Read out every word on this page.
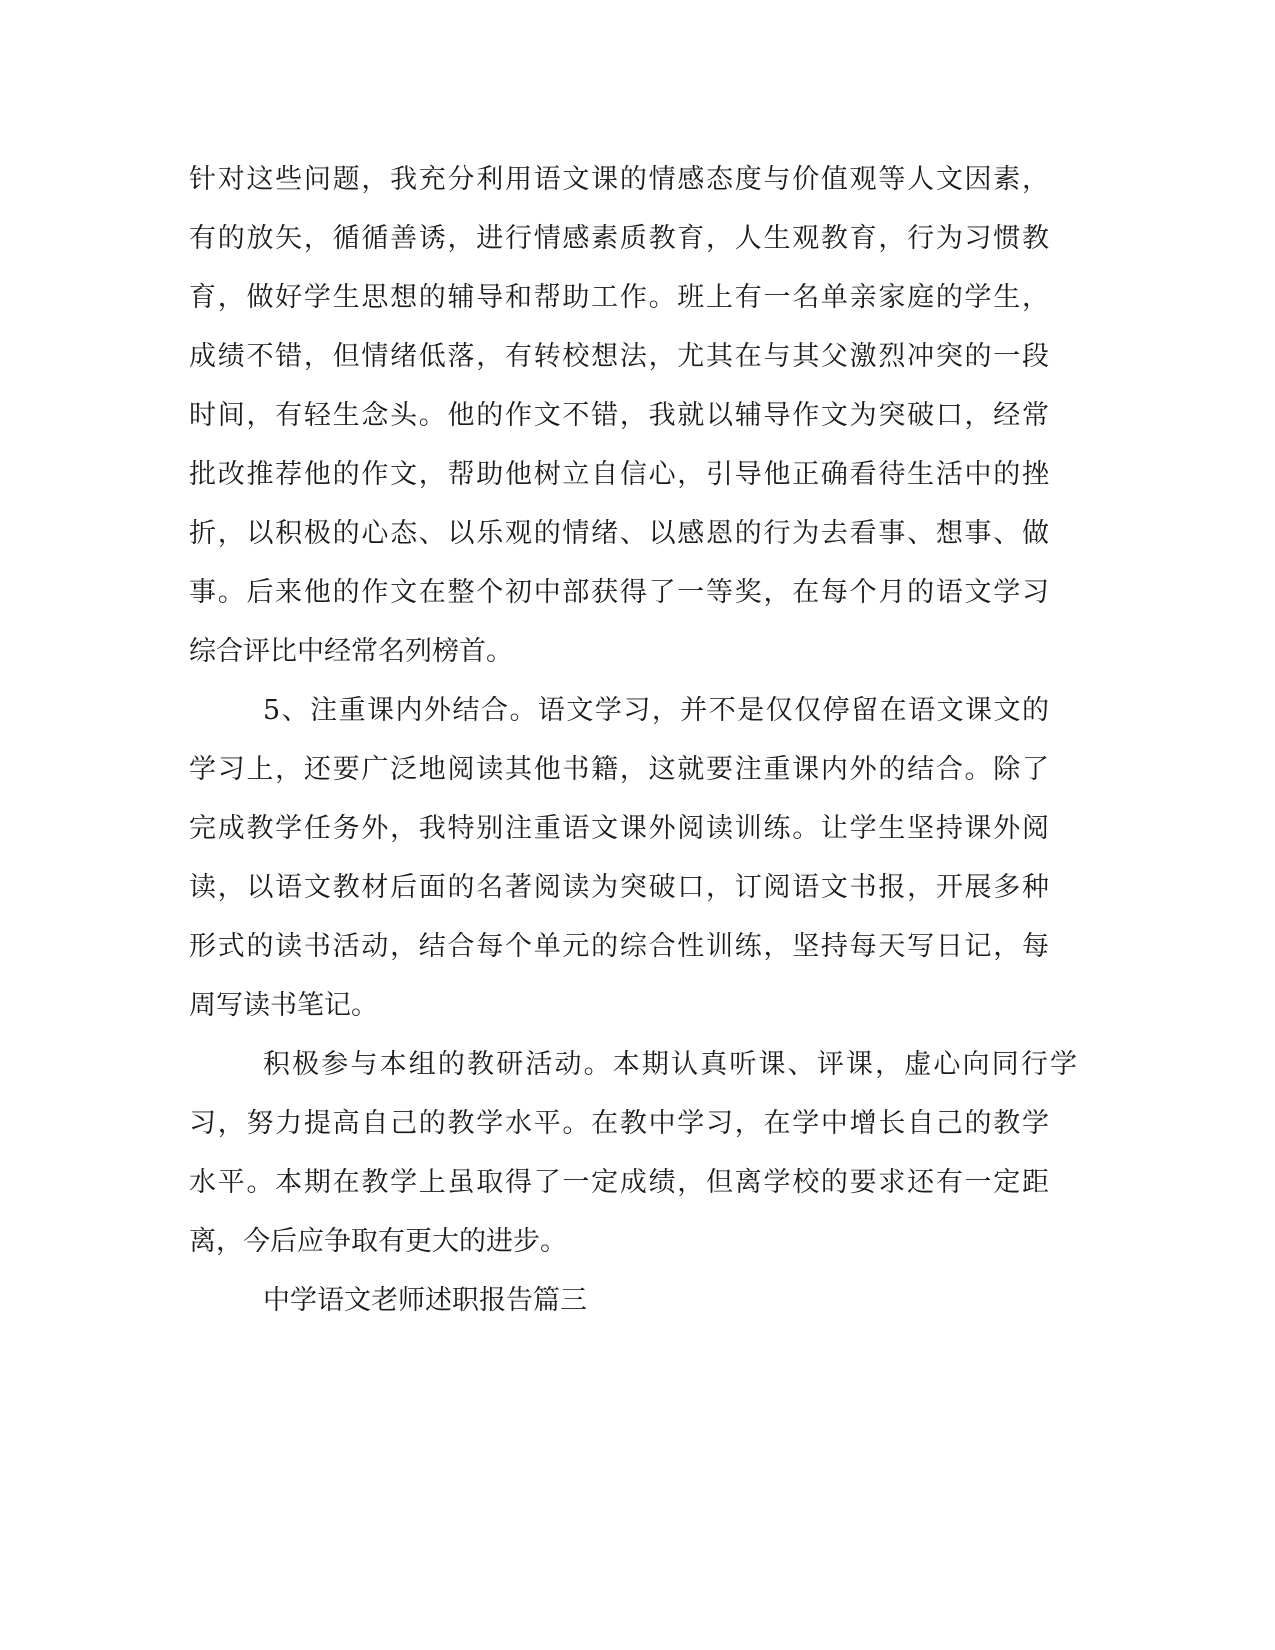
针对这些问题，我充分利用语文课的情感态度与价值观等人文因素，
有的放矢，循循善诱，进行情感素质教育，人生观教育，行为习惯教
育，做好学生思想的辅导和帮助工作。班上有一名单亲家庭的学生，
成绩不错，但情绪低落，有转校想法，尤其在与其父激烈冲突的一段
时间，有轻生念头。他的作文不错，我就以辅导作文为突破口，经常
批改推荐他的作文，帮助他树立自信心，引导他正确看待生活中的挫
折，以积极的心态、以乐观的情绪、以感恩的行为去看事、想事、做
事。后来他的作文在整个初中部获得了一等奖，在每个月的语文学习
综合评比中经常名列榜首。
5、注重课内外结合。语文学习，并不是仅仅停留在语文课文的
学习上，还要广泛地阅读其他书籍，这就要注重课内外的结合。除了
完成教学任务外，我特别注重语文课外阅读训练。让学生坚持课外阅
读，以语文教材后面的名著阅读为突破口，订阅语文书报，开展多种
形式的读书活动，结合每个单元的综合性训练，坚持每天写日记，每
周写读书笔记。
积极参与本组的教研活动。本期认真听课、评课，虚心向同行学
习，努力提高自己的教学水平。在教中学习，在学中增长自己的教学
水平。本期在教学上虽取得了一定成绩，但离学校的要求还有一定距
离，今后应争取有更大的进步。
中学语文老师述职报告篇三
